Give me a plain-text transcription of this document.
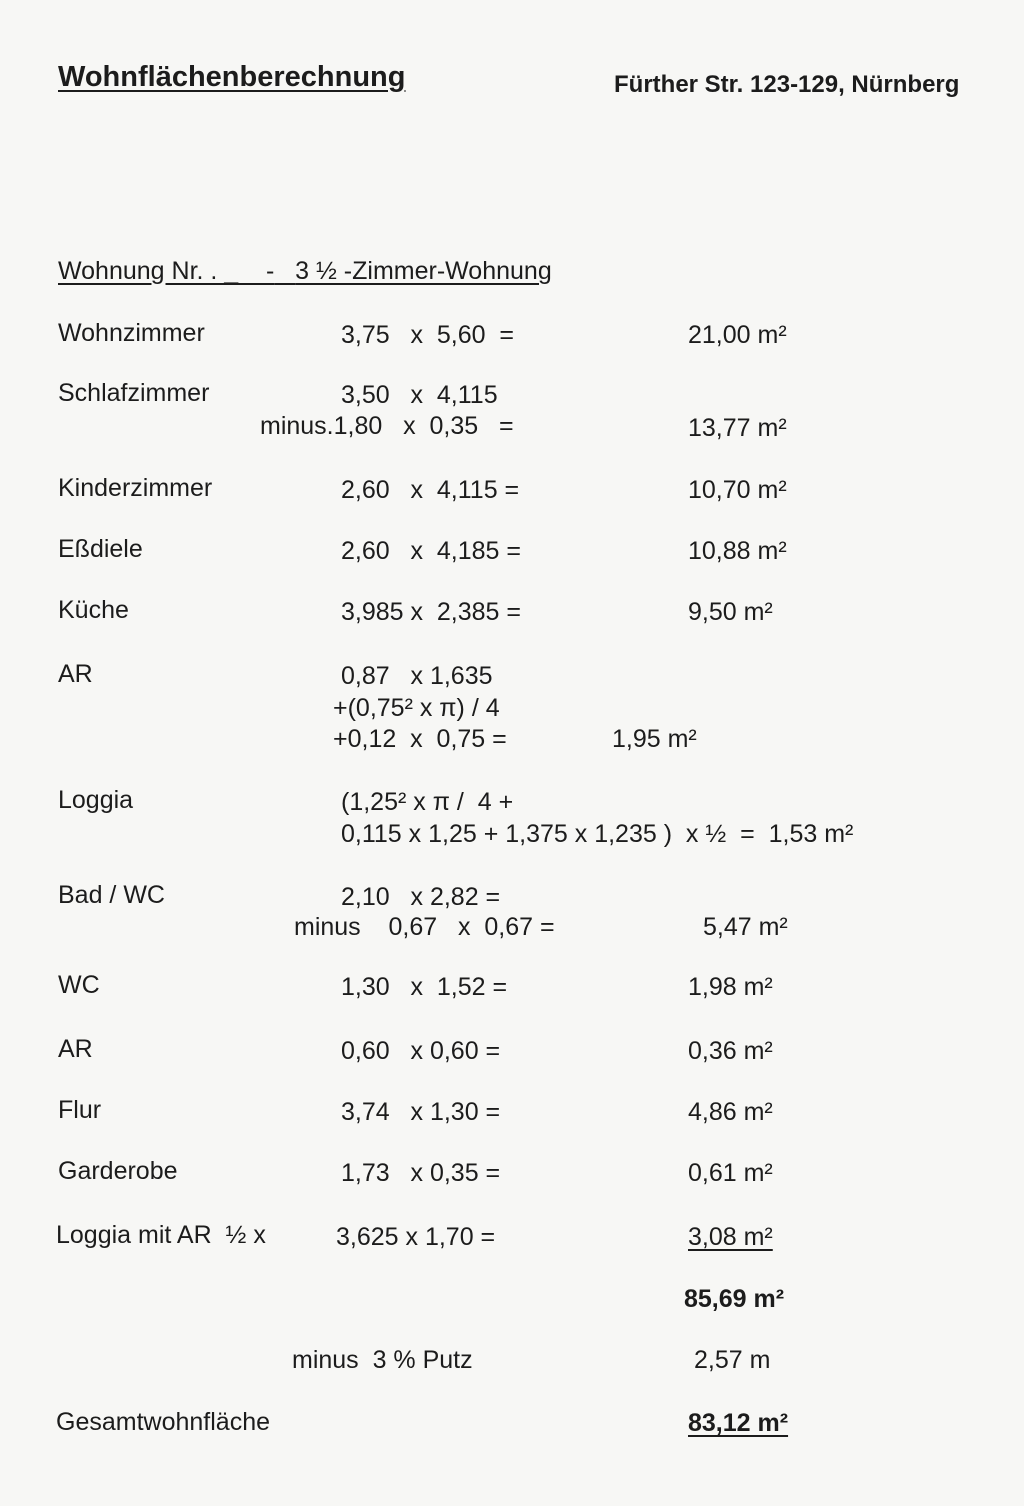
Wohnflächenberechnung	Fürther Str. 123-129, Nürnberg
Wohnung Nr. . _    - 3 ½ -Zimmer-Wohnung
Wohnzimmer	3,75   x  5,60  =	21,00 m²
Schlafzimmer	3,50   x  4,115
minus.1,80   x  0,35   =	13,77 m²
Kinderzimmer	2,60   x  4,115 =	10,70 m²
Eßdiele	2,60   x  4,185 =	10,88 m²
Küche	3,985 x  2,385 =	9,50 m²
AR	0,87   x 1,635
+(0,75² x π) / 4
+0,12  x  0,75 =	1,95 m²
Loggia	(1,25² x π /  4 +
0,115 x 1,25 + 1,375 x 1,235 )  x ½  =  1,53 m²
Bad / WC	2,10   x 2,82 =
minus    0,67   x  0,67 =	5,47 m²
WC	1,30   x  1,52 =	1,98 m²
AR	0,60   x 0,60 =	0,36 m²
Flur	3,74   x 1,30 =	4,86 m²
Garderobe	1,73   x 0,35 =	0,61 m²
Loggia mit AR  ½ x	3,625 x 1,70 =	3,08 m²
85,69 m²
minus  3 % Putz	2,57 m
Gesamtwohnfläche	83,12 m²
